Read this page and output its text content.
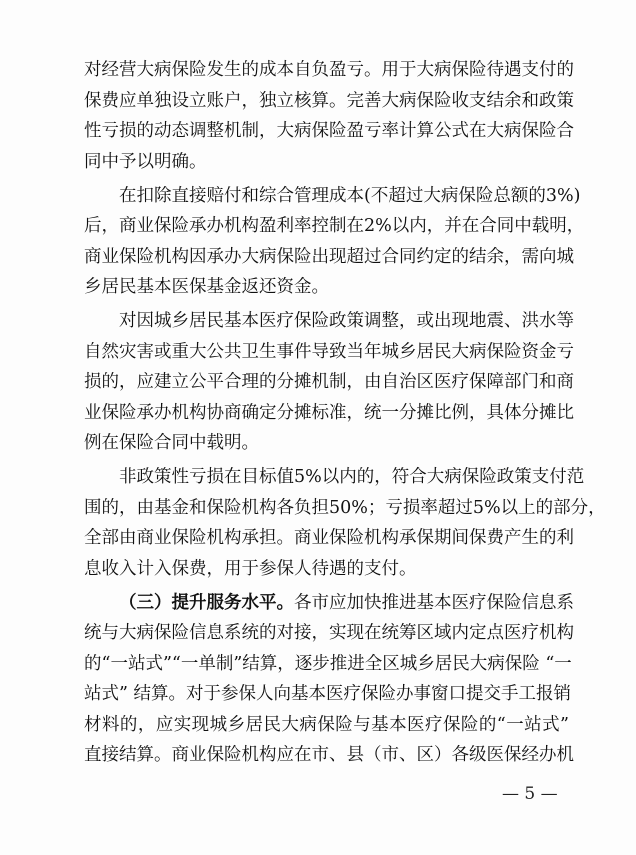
对经营大病保险发生的成本自负盈亏。用于大病保险待遇支付的
保费应单独设立账户，独立核算。完善大病保险收支结余和政策
性亏损的动态调整机制，大病保险盈亏率计算公式在大病保险合
同中予以明确。
在扣除直接赔付和综合管理成本(不超过大病保险总额的3%)
后，商业保险承办机构盈利率控制在2%以内，并在合同中载明，
商业保险机构因承办大病保险出现超过合同约定的结余，需向城
乡居民基本医保基金返还资金。
对因城乡居民基本医疗保险政策调整，或出现地震、洪水等
自然灾害或重大公共卫生事件导致当年城乡居民大病保险资金亏
损的，应建立公平合理的分摊机制，由自治区医疗保障部门和商
业保险承办机构协商确定分摊标准，统一分摊比例，具体分摊比
例在保险合同中载明。
非政策性亏损在目标值5%以内的，符合大病保险政策支付范
围的，由基金和保险机构各负担50%；亏损率超过5%以上的部分，
全部由商业保险机构承担。商业保险机构承保期间保费产生的利
息收入计入保费，用于参保人待遇的支付。
（三）提升服务水平。各市应加快推进基本医疗保险信息系
统与大病保险信息系统的对接，实现在统筹区域内定点医疗机构
的“一站式”“一单制”结算，逐步推进全区城乡居民大病保险 “一
站式” 结算。对于参保人向基本医疗保险办事窗口提交手工报销
材料的，应实现城乡居民大病保险与基本医疗保险的“一站式”
直接结算。商业保险机构应在市、县（市、区）各级医保经办机
— 5 —
